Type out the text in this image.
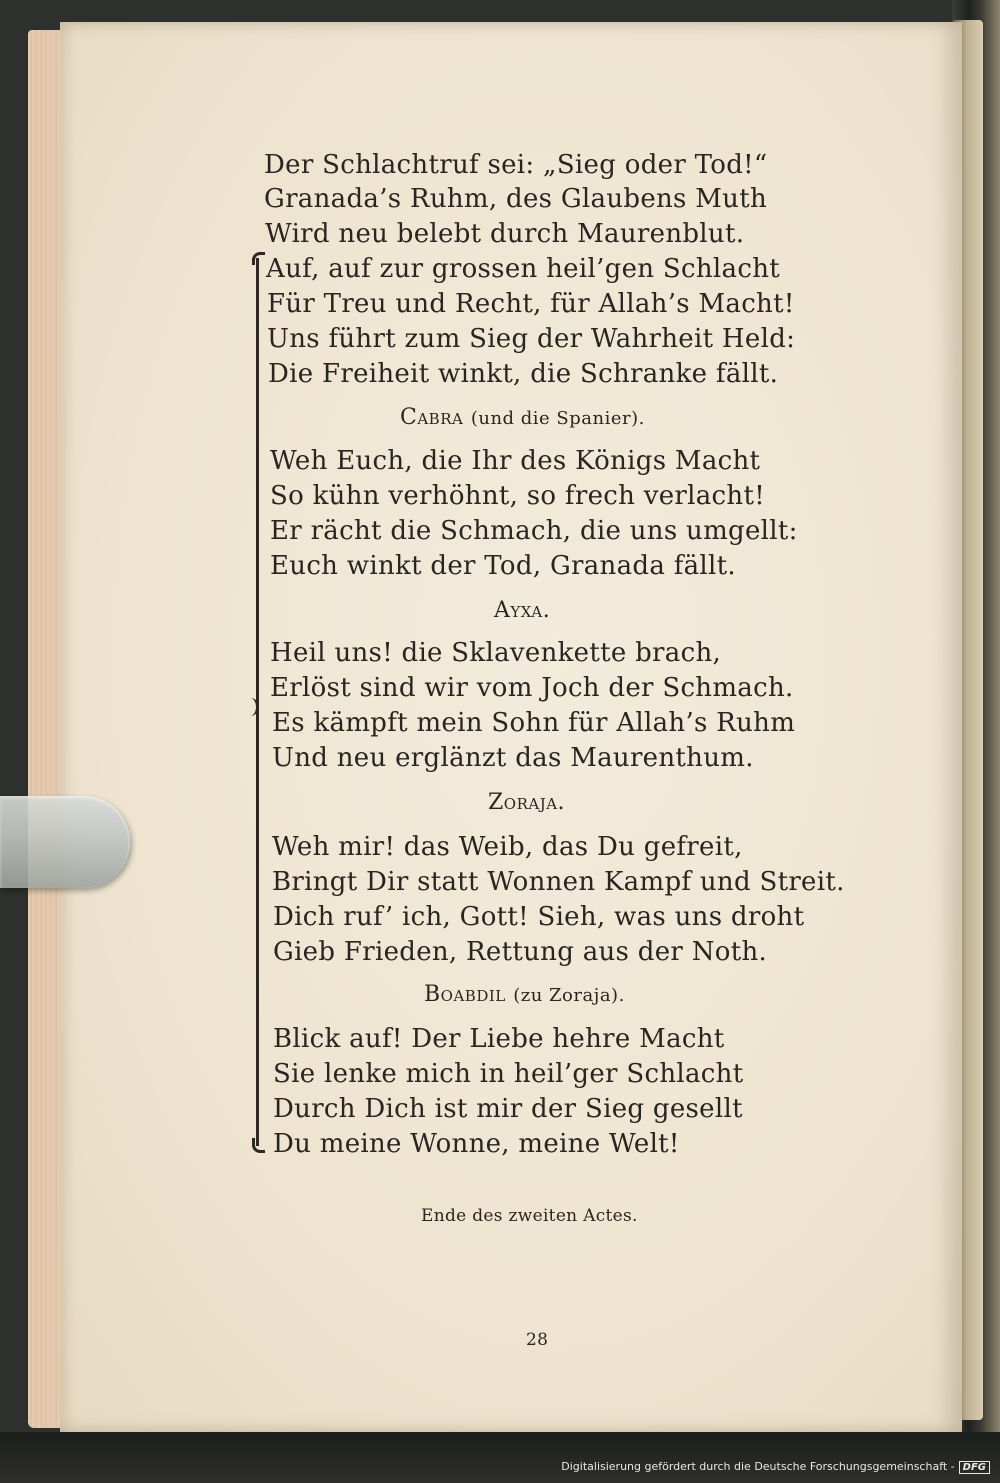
Der Schlachtruf sei: „Sieg oder Tod!“
Granada’s Ruhm, des Glaubens Muth
Wird neu belebt durch Maurenblut.
Auf, auf zur grossen heil’gen Schlacht
Für Treu und Recht, für Allah’s Macht!
Uns führt zum Sieg der Wahrheit Held:
Die Freiheit winkt, die Schranke fällt.
Cabra (und die Spanier).
Weh Euch, die Ihr des Königs Macht
So kühn verhöhnt, so frech verlacht!
Er rächt die Schmach, die uns umgellt:
Euch winkt der Tod, Granada fällt.
Ayxa.
Heil uns! die Sklavenkette brach,
Erlöst sind wir vom Joch der Schmach.
Es kämpft mein Sohn für Allah’s Ruhm
Und neu erglänzt das Maurenthum.
Zoraja.
Weh mir! das Weib, das Du gefreit,
Bringt Dir statt Wonnen Kampf und Streit.
Dich ruf’ ich, Gott! Sieh, was uns droht
Gieb Frieden, Rettung aus der Noth.
Boabdil (zu Zoraja).
Blick auf! Der Liebe hehre Macht
Sie lenke mich in heil’ger Schlacht
Durch Dich ist mir der Sieg gesellt
Du meine Wonne, meine Welt!
Ende des zweiten Actes.
28
Digitalisierung gefördert durch die Deutsche Forschungsgemeinschaft - DFG
